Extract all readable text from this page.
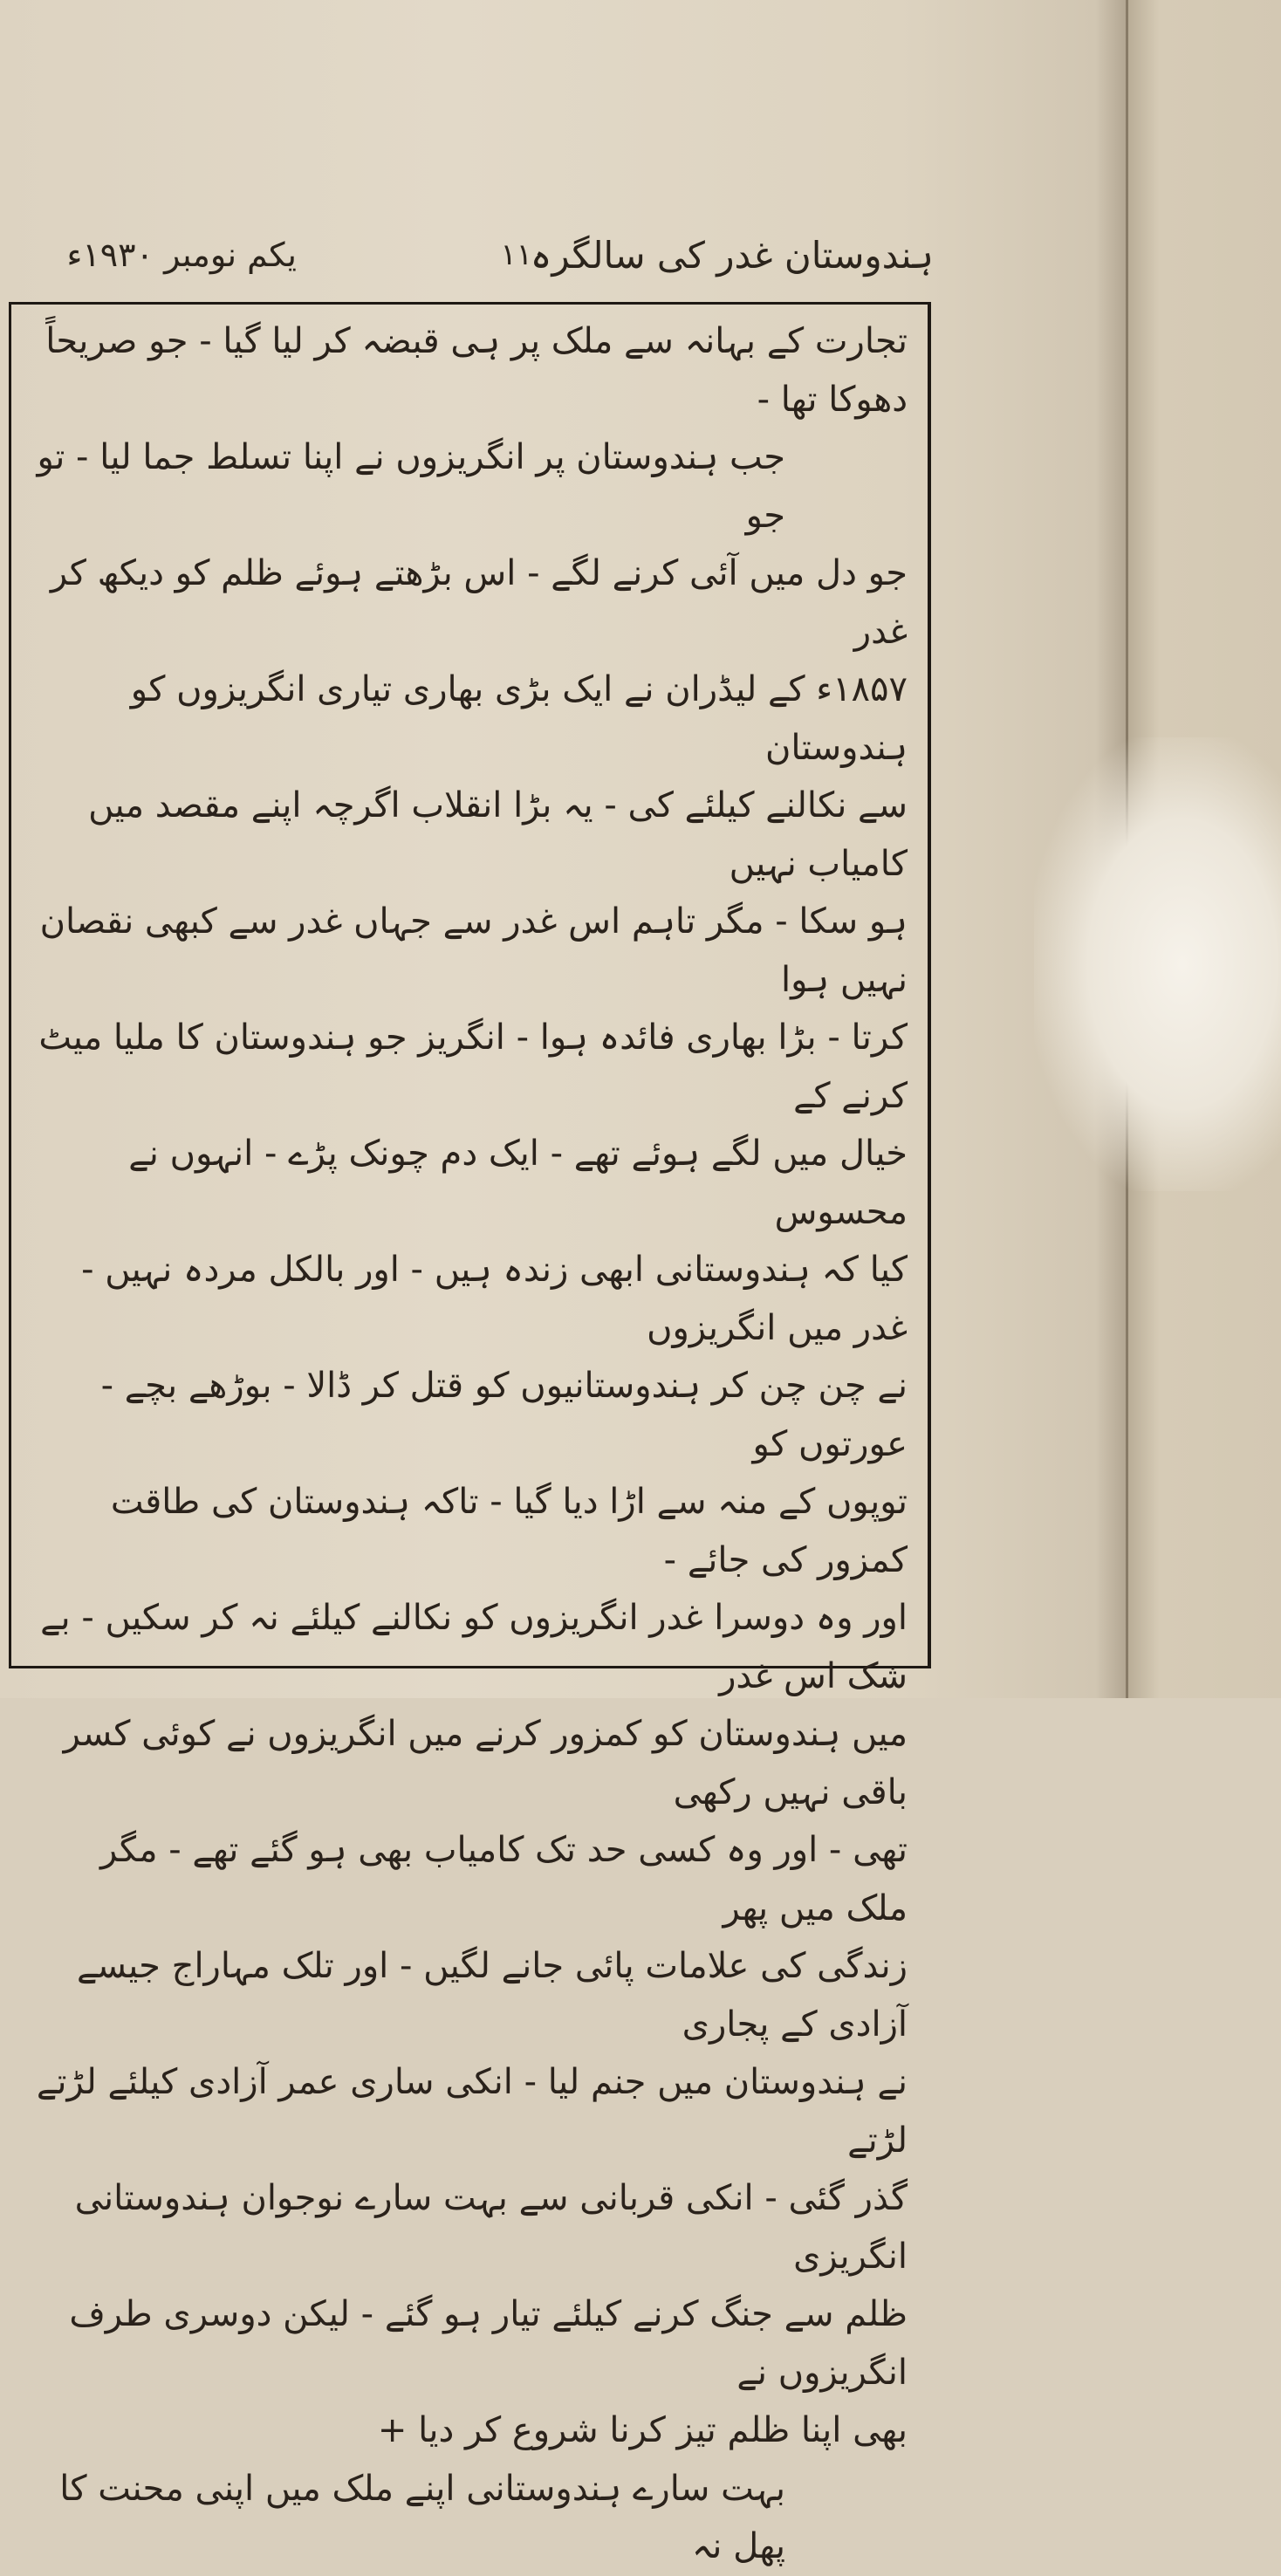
ہندوستان غدر کی سالگرہ
۱۱
یکم نومبر ۱۹۳۰ء

تجارت کے بہانہ سے ملک پر ہی قبضہ کر لیا گیا - جو صریحاً دھوکا تھا -

جب ہندوستان پر انگریزوں نے اپنا تسلط جما لیا - تو جو

جو دل میں آئی کرنے لگے - اس بڑھتے ہوئے ظلم کو دیکھ کر غدر

۱۸۵۷ء کے لیڈران نے ایک بڑی بھاری تیاری انگریزوں کو ہندوستان

سے نکالنے کیلئے کی - یہ بڑا انقلاب اگرچہ اپنے مقصد میں کامیاب نہیں

ہو سکا - مگر تاہم اس غدر سے جہاں غدر سے کبھی نقصان نہیں ہوا

کرتا - بڑا بھاری فائدہ ہوا - انگریز جو ہندوستان کا ملیا میٹ کرنے کے

خیال میں لگے ہوئے تھے - ایک دم چونک پڑے - انہوں نے محسوس

کیا کہ ہندوستانی ابھی زندہ ہیں - اور بالکل مردہ نہیں - غدر میں انگریزوں

نے چن چن کر ہندوستانیوں کو قتل کر ڈالا - بوڑھے بچے - عورتوں کو

توپوں کے منہ سے اڑا دیا گیا - تاکہ ہندوستان کی طاقت کمزور کی جائے -

اور وہ دوسرا غدر انگریزوں کو نکالنے کیلئے نہ کر سکیں - بے شک اس غدر

میں ہندوستان کو کمزور کرنے میں انگریزوں نے کوئی کسر باقی نہیں رکھی

تھی - اور وہ کسی حد تک کامیاب بھی ہو گئے تھے - مگر ملک میں پھر

زندگی کی علامات پائی جانے لگیں - اور تلک مہاراج جیسے آزادی کے پجاری

نے ہندوستان میں جنم لیا - انکی ساری عمر آزادی کیلئے لڑتے لڑتے

گذر گئی - انکی قربانی سے بہت سارے نوجوان ہندوستانی انگریزی

ظلم سے جنگ کرنے کیلئے تیار ہو گئے - لیکن دوسری طرف انگریزوں نے

بھی اپنا ظلم تیز کرنا شروع کر دیا +

بہت سارے ہندوستانی اپنے ملک میں اپنی محنت کا پھل نہ
